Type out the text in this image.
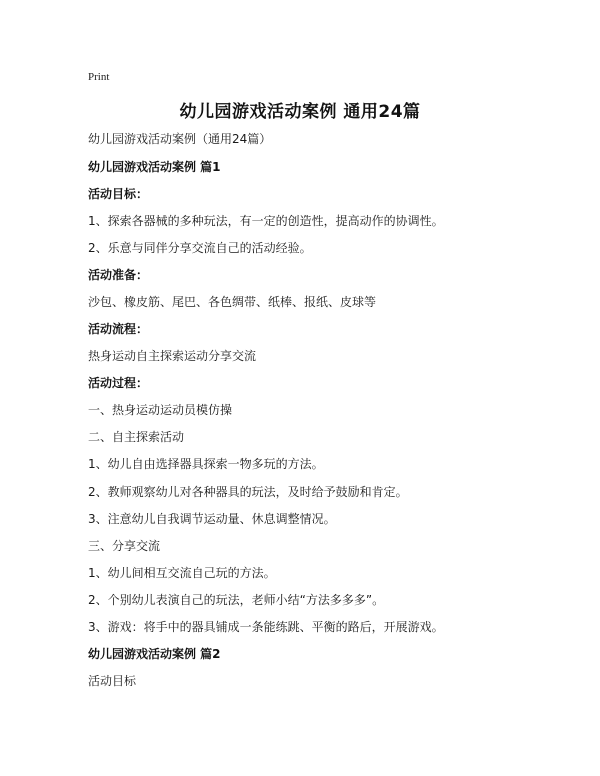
Print
幼儿园游戏活动案例 通用24篇
幼儿园游戏活动案例（通用24篇）
幼儿园游戏活动案例 篇1
活动目标：
1、探索各器械的多种玩法，有一定的创造性，提高动作的协调性。
2、乐意与同伴分享交流自己的活动经验。
活动准备：
沙包、橡皮筋、尾巴、各色绸带、纸棒、报纸、皮球等
活动流程：
热身运动自主探索运动分享交流
活动过程：
一、热身运动运动员模仿操
二、自主探索活动
1、幼儿自由选择器具探索一物多玩的方法。
2、教师观察幼儿对各种器具的玩法，及时给予鼓励和肯定。
3、注意幼儿自我调节运动量、休息调整情况。
三、分享交流
1、幼儿间相互交流自己玩的方法。
2、个别幼儿表演自己的玩法，老师小结“方法多多多”。
3、游戏：将手中的器具铺成一条能练跳、平衡的路后，开展游戏。
幼儿园游戏活动案例 篇2
活动目标
